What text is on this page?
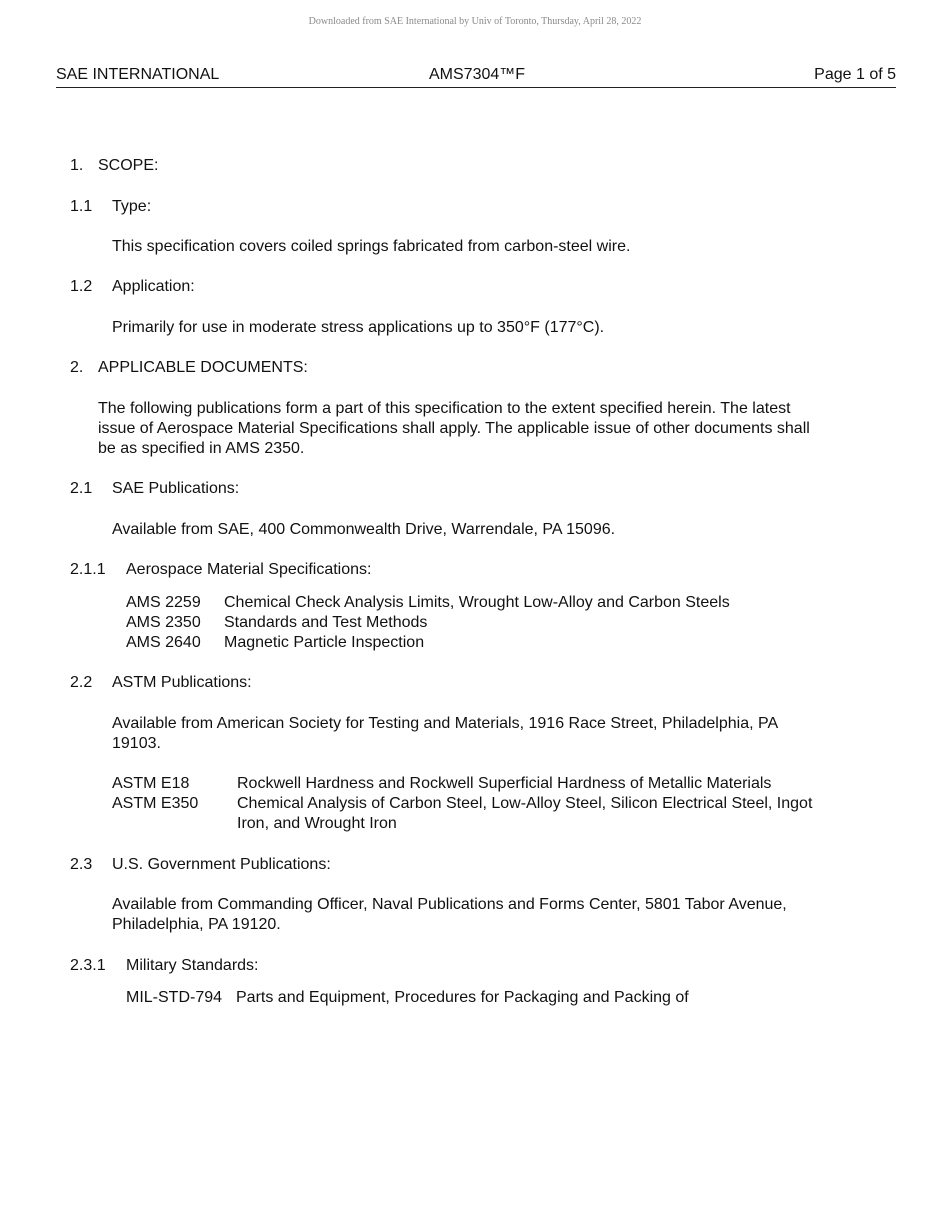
Downloaded from SAE International by Univ of Toronto, Thursday, April 28, 2022
SAE INTERNATIONAL	AMS7304™F	Page 1 of 5
1. SCOPE:
1.1 Type:
This specification covers coiled springs fabricated from carbon-steel wire.
1.2 Application:
Primarily for use in moderate stress applications up to 350°F (177°C).
2. APPLICABLE DOCUMENTS:
The following publications form a part of this specification to the extent specified herein. The latest
issue of Aerospace Material Specifications shall apply. The applicable issue of other documents shall
be as specified in AMS 2350.
2.1 SAE Publications:
Available from SAE, 400 Commonwealth Drive, Warrendale, PA 15096.
2.1.1 Aerospace Material Specifications:
AMS 2259 Chemical Check Analysis Limits, Wrought Low-Alloy and Carbon Steels
AMS 2350 Standards and Test Methods
AMS 2640 Magnetic Particle Inspection
2.2 ASTM Publications:
Available from American Society for Testing and Materials, 1916 Race Street, Philadelphia, PA
19103.
ASTM E18	Rockwell Hardness and Rockwell Superficial Hardness of Metallic Materials
ASTM E350 Chemical Analysis of Carbon Steel, Low-Alloy Steel, Silicon Electrical Steel, Ingot
Iron, and Wrought Iron
2.3 U.S. Government Publications:
Available from Commanding Officer, Naval Publications and Forms Center, 5801 Tabor Avenue,
Philadelphia, PA 19120.
2.3.1 Military Standards:
MIL-STD-794 Parts and Equipment, Procedures for Packaging and Packing of
